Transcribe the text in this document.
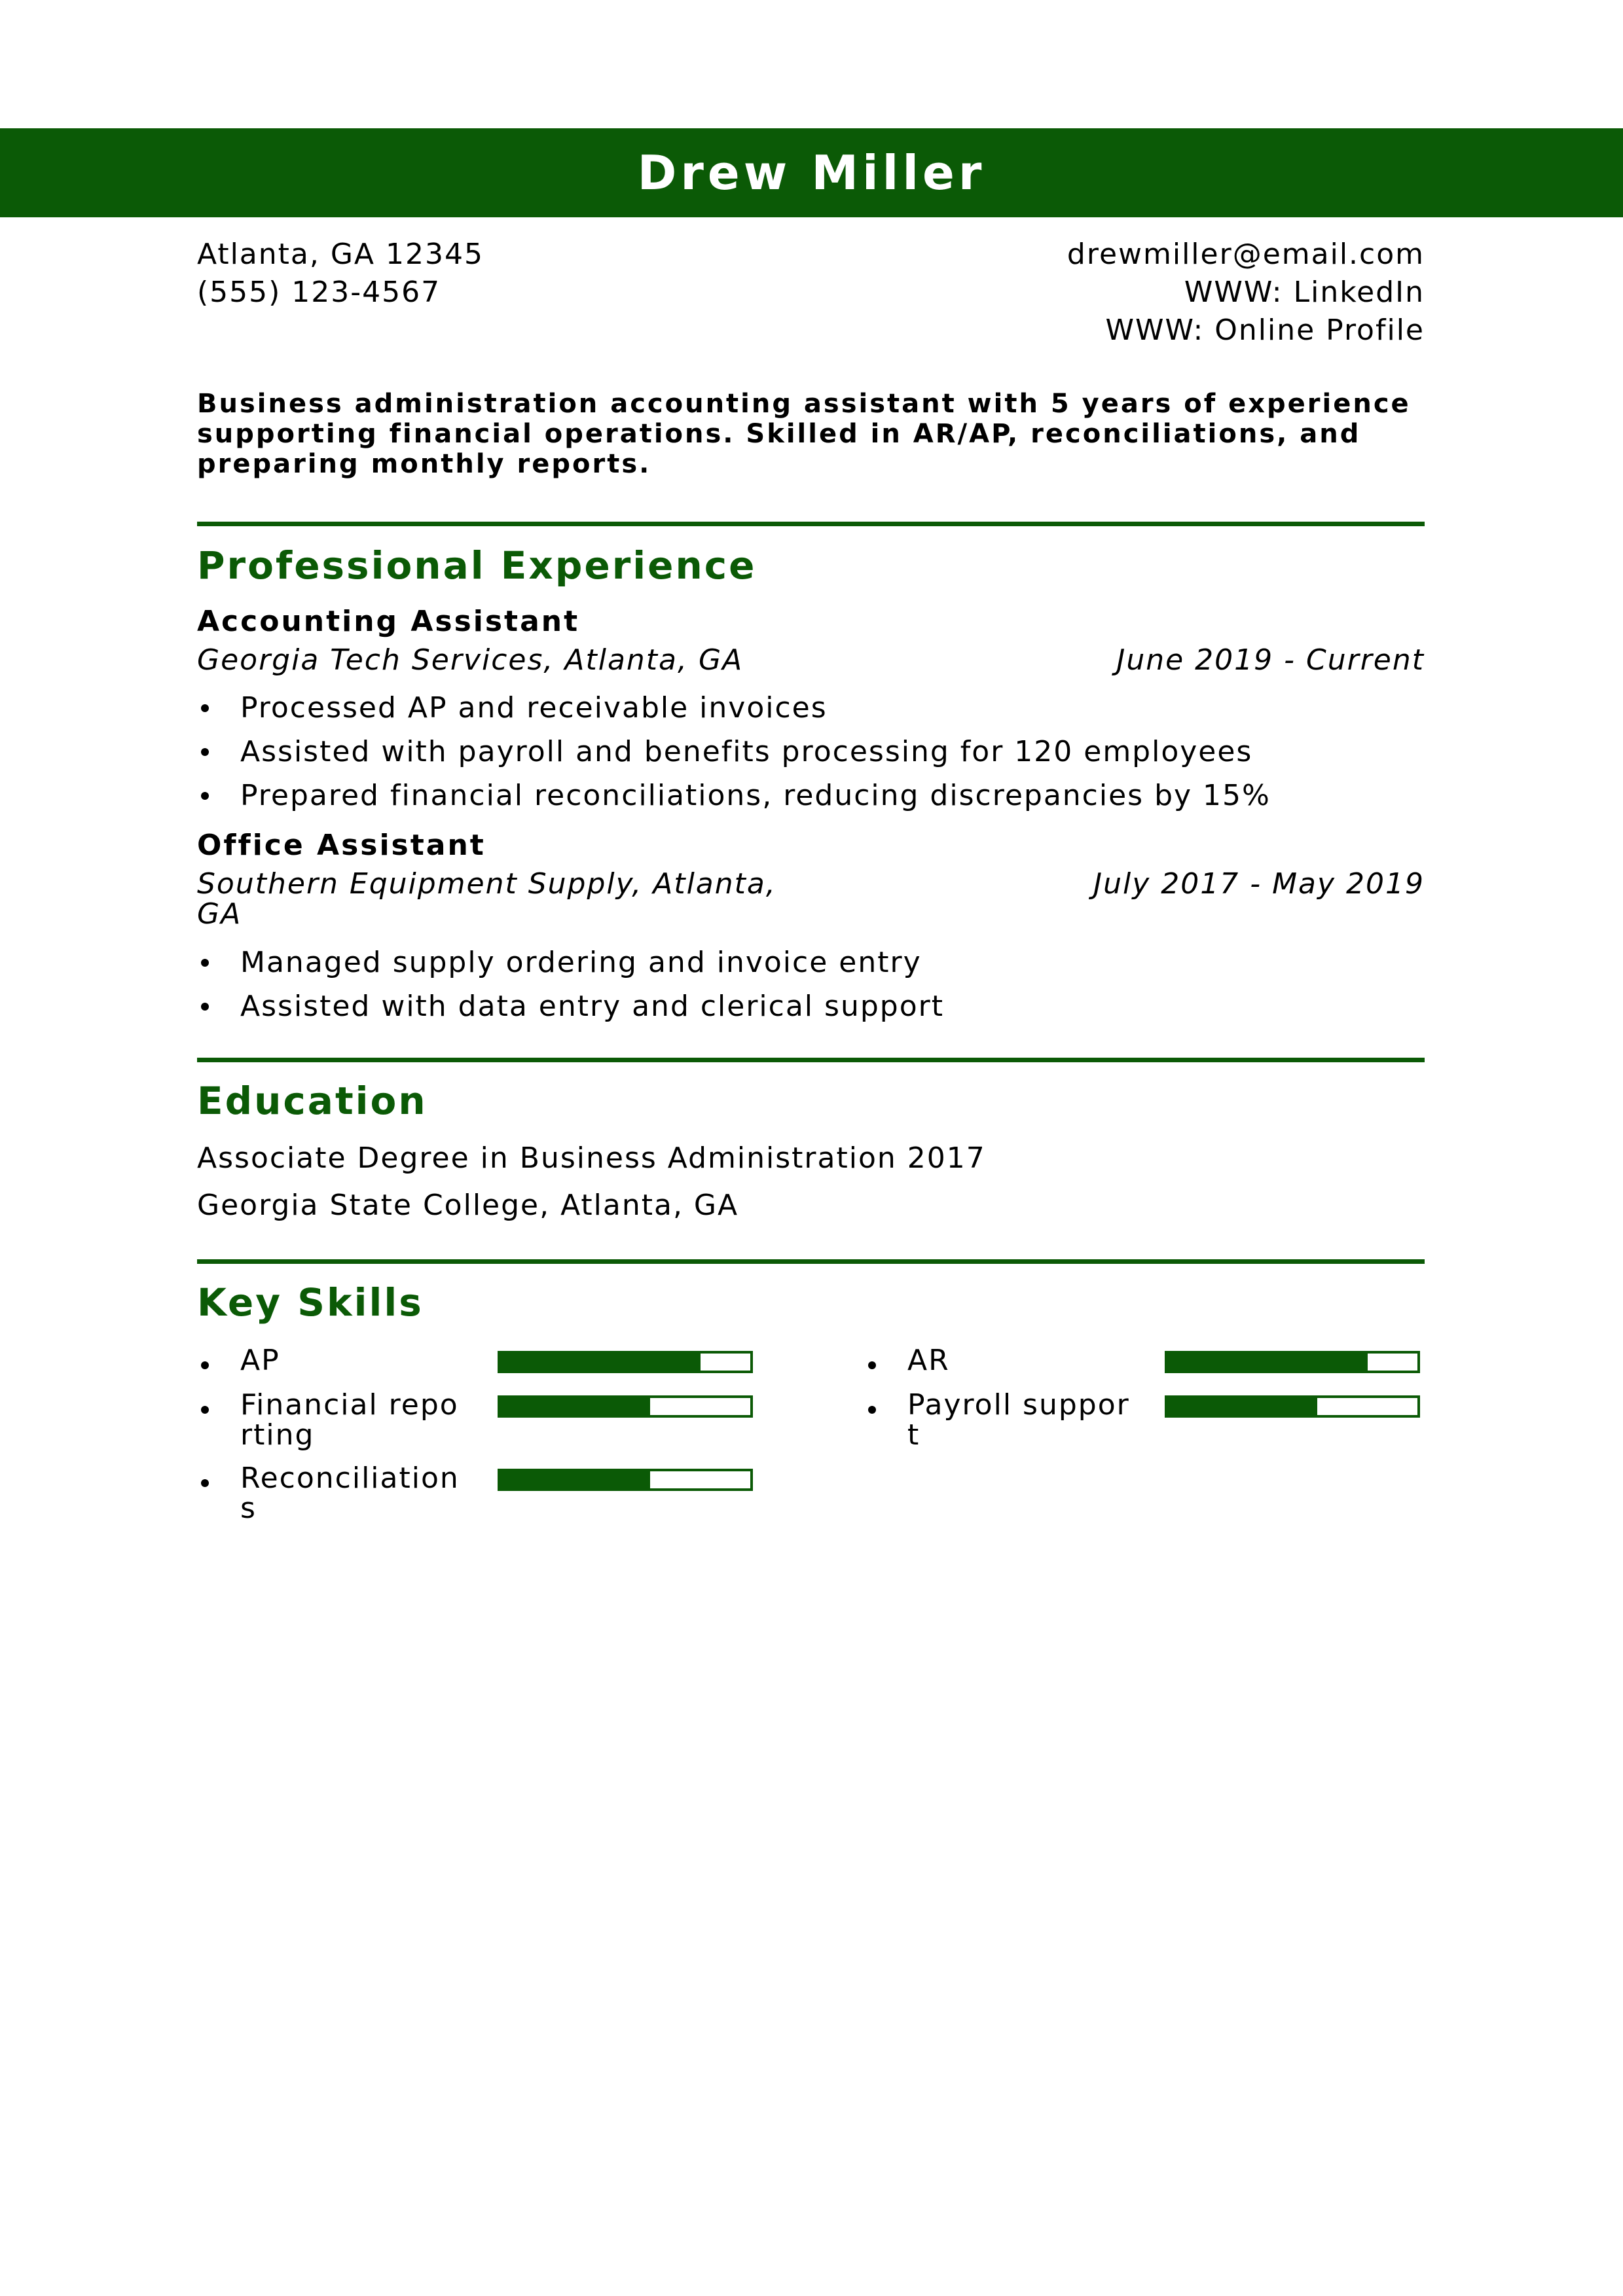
Drew Miller
Atlanta, GA 12345
(555) 123-4567
drewmiller@email.com
WWW: LinkedIn
WWW: Online Profile
Business administration accounting assistant with 5 years of experience supporting financial operations. Skilled in AR/AP, reconciliations, and preparing monthly reports.
Professional Experience
Accounting Assistant
Georgia Tech Services, Atlanta, GA	June 2019 - Current
Processed AP and receivable invoices
Assisted with payroll and benefits processing for 120 employees
Prepared financial reconciliations, reducing discrepancies by 15%
Office Assistant
Southern Equipment Supply, Atlanta,
GA
July 2017 - May 2019
Managed supply ordering and invoice entry
Assisted with data entry and clerical support
Education
Associate Degree in Business Administration 2017
Georgia State College, Atlanta, GA
Key Skills
AP	AR
Financial reporting
Payroll support
Reconciliations
